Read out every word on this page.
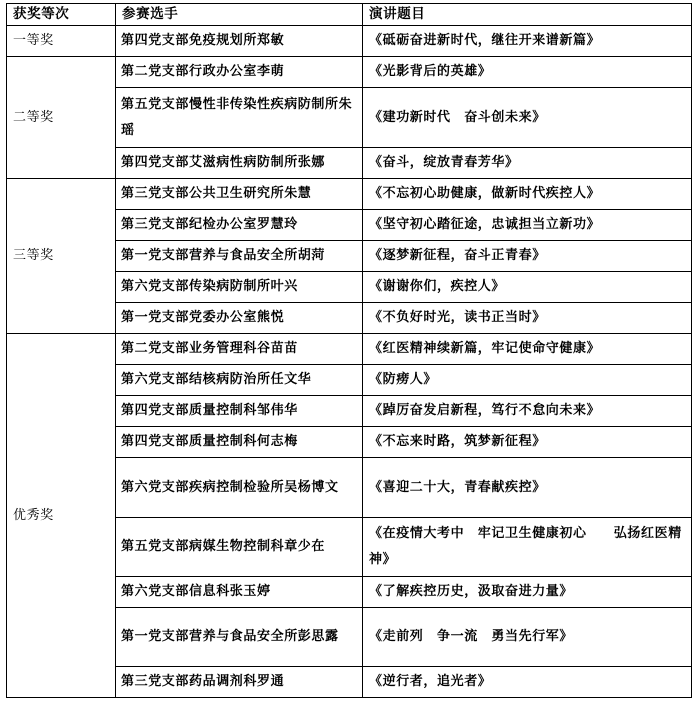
获奖等次	参赛选手	演讲题目
一等奖	第四党支部免疫规划所郑敏	《砥砺奋进新时代，继往开来谱新篇》
二等奖	第二党支部行政办公室李萌	《光影背后的英雄》
	第五党支部慢性非传染性疾病防制所朱瑶	《建功新时代　奋斗创未来》
	第四党支部艾滋病性病防制所张娜	《奋斗，绽放青春芳华》
三等奖	第三党支部公共卫生研究所朱慧	《不忘初心助健康，做新时代疾控人》
	第三党支部纪检办公室罗慧玲	《坚守初心踏征途，忠诚担当立新功》
	第一党支部营养与食品安全所胡菏	《逐梦新征程，奋斗正青春》
	第六党支部传染病防制所叶兴	《谢谢你们，疾控人》
	第一党支部党委办公室熊悦	《不负好时光，读书正当时》
优秀奖	第二党支部业务管理科谷苗苗	《红医精神续新篇，牢记使命守健康》
	第六党支部结核病防治所任文华	《防痨人》
	第四党支部质量控制科邹伟华	《踔厉奋发启新程，笃行不怠向未来》
	第四党支部质量控制科何志梅	《不忘来时路，筑梦新征程》
	第六党支部疾病控制检验所吴杨博文	《喜迎二十大，青春献疾控》
	第五党支部病媒生物控制科章少在	《在疫情大考中　牢记卫生健康初心　　弘扬红医精神》
	第六党支部信息科张玉婷	《了解疾控历史，汲取奋进力量》
	第一党支部营养与食品安全所彭思露	《走前列　争一流　勇当先行军》
	第三党支部药品调剂科罗通	《逆行者，追光者》
